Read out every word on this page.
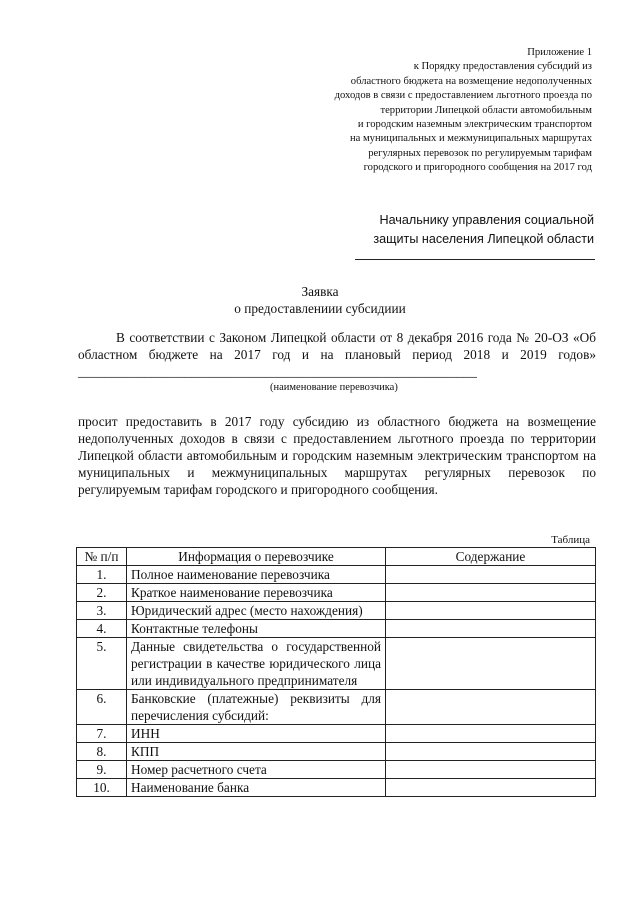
Приложение 1
к Порядку предоставления субсидий из
областного бюджета на возмещение недополученных
доходов в связи с предоставлением льготного проезда по
территории Липецкой области автомобильным
и городским наземным электрическим транспортом
на муниципальных и межмуниципальных маршрутах
регулярных перевозок по регулируемым тарифам
городского и пригородного сообщения на 2017 год
Начальнику управления социальной
защиты населения Липецкой области
Заявка
о предоставлениии субсидиии
В соответствии с Законом Липецкой области от 8 декабря 2016 года № 20-ОЗ «Об областном бюджете на 2017 год и на плановый период 2018 и 2019 годов» ____________________________________________________________
(наименование перевозчика)
просит предоставить в 2017 году субсидию из областного бюджета на возмещение недополученных доходов в связи с предоставлением льготного проезда по территории Липецкой области автомобильным и городским наземным электрическим транспортом на муниципальных и межмуниципальных маршрутах регулярных перевозок по регулируемым тарифам городского и пригородного сообщения.
Таблица
№ п/п	Информация о перевозчике	Содержание
1.	Полное наименование перевозчика	
2.	Краткое наименование перевозчика	
3.	Юридический адрес (место нахождения)	
4.	Контактные телефоны	
5.	Данные свидетельства о государственной регистрации в качестве юридического лица или индивидуального предпринимателя	
6.	Банковские (платежные) реквизиты для перечисления субсидий:	
7.	ИНН	
8.	КПП	
9.	Номер расчетного счета	
10.	Наименование банка	
